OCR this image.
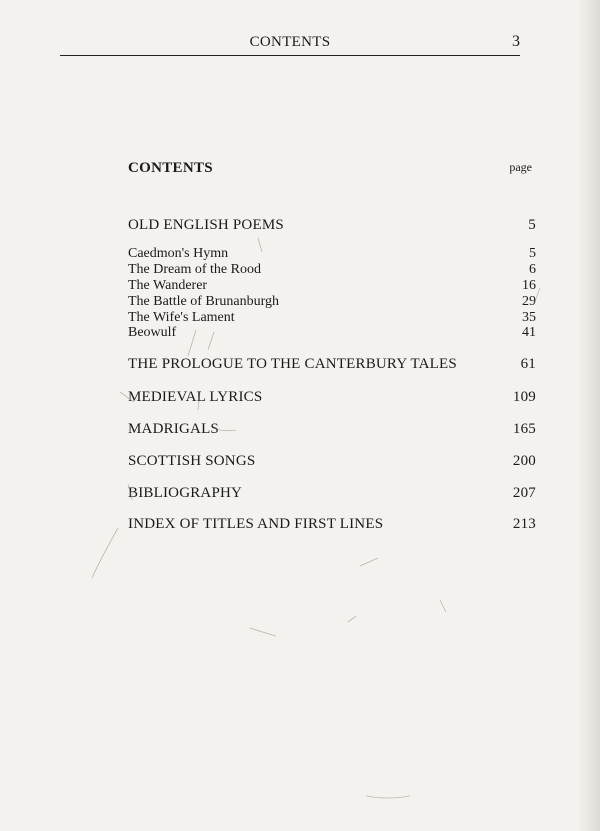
CONTENTS	3
CONTENTS	page
OLD ENGLISH POEMS	5
Caedmon's Hymn	5
The Dream of the Rood	6
The Wanderer	16
The Battle of Brunanburgh	29
The Wife's Lament	35
Beowulf	41
THE PROLOGUE TO THE CANTERBURY TALES	61
MEDIEVAL LYRICS	109
MADRIGALS	165
SCOTTISH SONGS	200
BIBLIOGRAPHY	207
INDEX OF TITLES AND FIRST LINES	213
